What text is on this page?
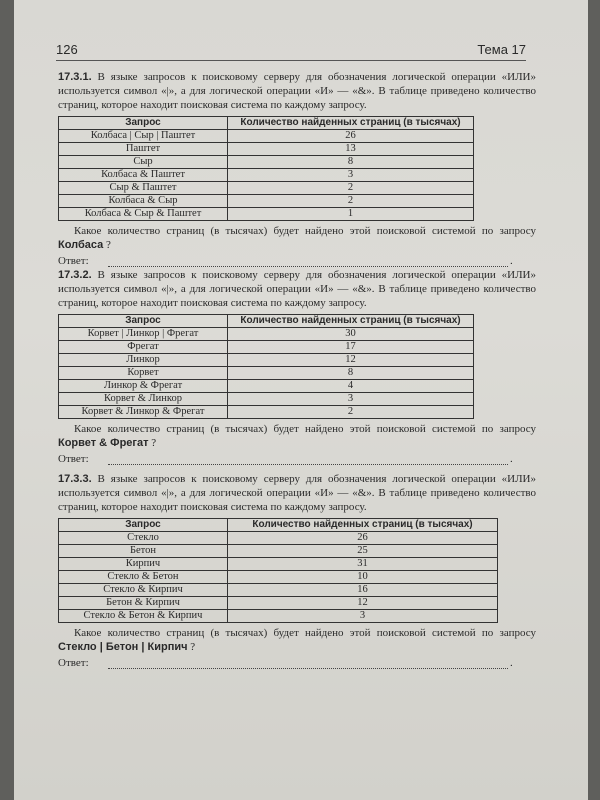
126	Тема 17

17.3.1. В языке запросов к поисковому серверу для обозначения логической операции «ИЛИ» используется символ «|», а для логической операции «И» — «&». В таблице приведено количество страниц, которое находит поисковая система по каждому запросу.

Запрос	Количество найденных страниц (в тысячах)
Колбаса | Сыр | Паштет	26
Паштет	13
Сыр	8
Колбаса & Паштет	3
Сыр & Паштет	2
Колбаса & Сыр	2
Колбаса & Сыр & Паштет	1

Какое количество страниц (в тысячах) будет найдено этой поисковой системой по запросу Колбаса ?

Ответ:	.

17.3.2. В языке запросов к поисковому серверу для обозначения логической операции «ИЛИ» используется символ «|», а для логической операции «И» — «&». В таблице приведено количество страниц, которое находит поисковая система по каждому запросу.

Запрос	Количество найденных страниц (в тысячах)
Корвет | Линкор | Фрегат	30
Фрегат	17
Линкор	12
Корвет	8
Линкор & Фрегат	4
Корвет & Линкор	3
Корвет & Линкор & Фрегат	2

Какое количество страниц (в тысячах) будет найдено этой поисковой системой по запросу Корвет & Фрегат ?

Ответ:	.

17.3.3. В языке запросов к поисковому серверу для обозначения логической операции «ИЛИ» используется символ «|», а для логической операции «И» — «&». В таблице приведено количество страниц, которое находит поисковая система по каждому запросу.

Запрос	Количество найденных страниц (в тысячах)
Стекло	26
Бетон	25
Кирпич	31
Стекло & Бетон	10
Стекло & Кирпич	16
Бетон & Кирпич	12
Стекло & Бетон & Кирпич	3

Какое количество страниц (в тысячах) будет найдено этой поисковой системой по запросу Стекло | Бетон | Кирпич ?

Ответ:	.
